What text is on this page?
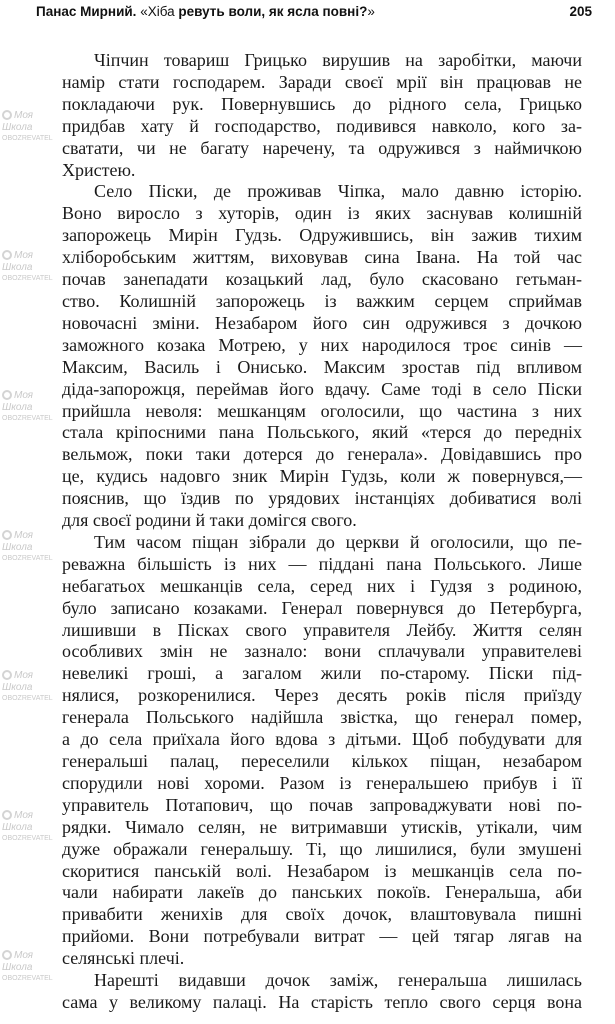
Панас Мирний. «Хіба ревуть воли, як ясла повні?»	205
Моя Школа
OBOZREVATEL
Моя Школа
OBOZREVATEL
Моя Школа
OBOZREVATEL
Моя Школа
OBOZREVATEL
Моя Школа
OBOZREVATEL
Моя Школа
OBOZREVATEL
Моя Школа
OBOZREVATEL
Чіпчин товариш Грицько вирушив на заробітки, маючи
намір стати господарем. Заради своєї мрії він працював не
покладаючи рук. Повернувшись до рідного села, Грицько
придбав хату й господарство, подивився навколо, кого за-
сватати, чи не багату наречену, та одружився з наймичкою
Христею.
Село Піски, де проживав Чіпка, мало давню історію.
Воно виросло з хуторів, один із яких заснував колишній
запорожець Мирін Гудзь. Одружившись, він зажив тихим
хліборобським життям, виховував сина Івана. На той час
почав занепадати козацький лад, було скасовано гетьман-
ство. Колишній запорожець із важким серцем сприймав
новочасні зміни. Незабаром його син одружився з дочкою
заможного козака Мотрею, у них народилося троє синів —
Максим, Василь і Онисько. Максим зростав під впливом
діда-запорожця, переймав його вдачу. Саме тоді в село Піски
прийшла неволя: мешканцям оголосили, що частина з них
стала кріпосними пана Польського, який «терся до передніх
вельмож, поки таки дотерся до генерала». Довідавшись про
це, кудись надовго зник Мирін Гудзь, коли ж повернувся,—
пояснив, що їздив по урядових інстанціях добиватися волі
для своєї родини й таки домігся свого.
Тим часом піщан зібрали до церкви й оголосили, що пе-
реважна більшість із них — піддані пана Польського. Лише
небагатьох мешканців села, серед них і Гудзя з родиною,
було записано козаками. Генерал повернувся до Петербурга,
лишивши в Пісках свого управителя Лейбу. Життя селян
особливих змін не зазнало: вони сплачували управителеві
невеликі гроші, а загалом жили по-старому. Піски під-
нялися, розкоренилися. Через десять років після приїзду
генерала Польського надійшла звістка, що генерал помер,
а до села приїхала його вдова з дітьми. Щоб побудувати для
генеральші палац, переселили кількох піщан, незабаром
спорудили нові хороми. Разом із генеральшею прибув і її
управитель Потапович, що почав запроваджувати нові по-
рядки. Чимало селян, не витримавши утисків, утікали, чим
дуже ображали генеральшу. Ті, що лишилися, були змушені
скоритися панській волі. Незабаром із мешканців села по-
чали набирати лакеїв до панських покоїв. Генеральша, аби
привабити женихів для своїх дочок, влаштовувала пишні
прийоми. Вони потребували витрат — цей тягар лягав на
селянські плечі.
Нарешті видавши дочок заміж, генеральша лишилась
сама у великому палаці. На старість тепло свого серця вона
